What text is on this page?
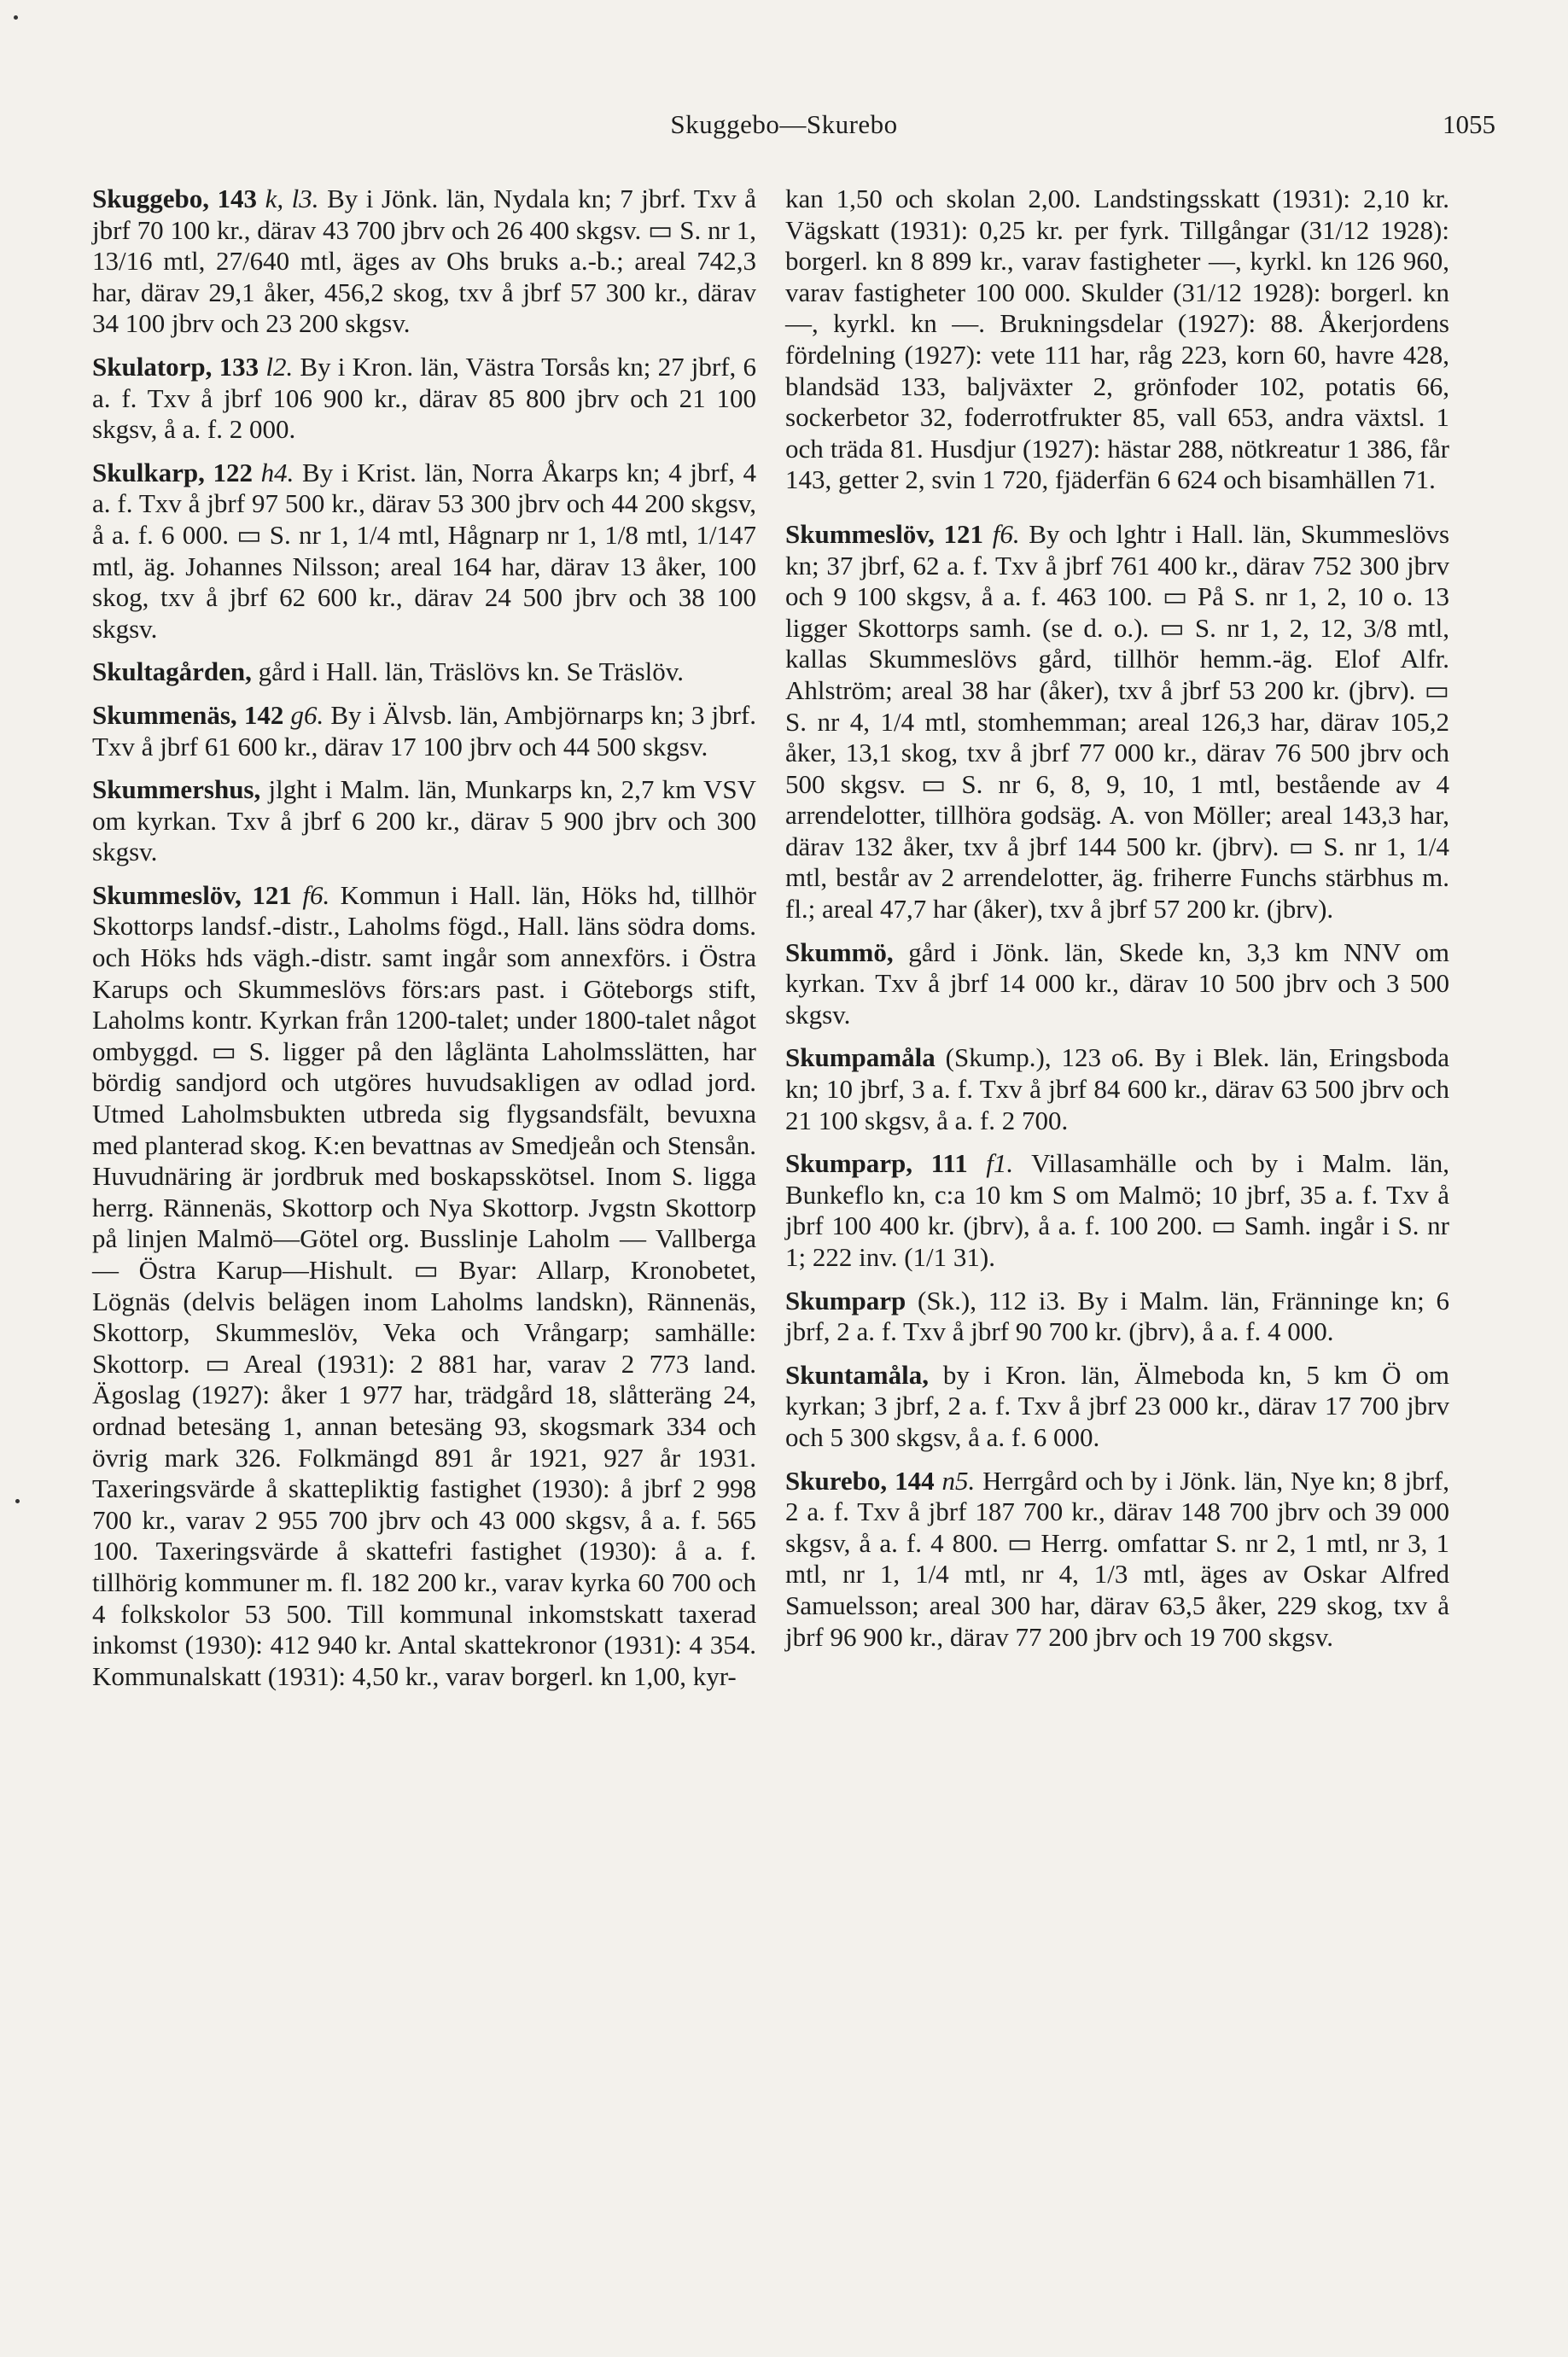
Skuggebo—Skurebo	1055

Skuggebo, 143 k, l3. By i Jönk. län, Nydala kn; 7 jbrf. Txv å jbrf 70 100 kr., därav 43 700 jbrv och 26 400 skgsv. ▭ S. nr 1, 13/16 mtl, 27/640 mtl, äges av Ohs bruks a.-b.; areal 742,3 har, därav 29,1 åker, 456,2 skog, txv å jbrf 57 300 kr., därav 34 100 jbrv och 23 200 skgsv.

Skulatorp, 133 l2. By i Kron. län, Västra Torsås kn; 27 jbrf, 6 a. f. Txv å jbrf 106 900 kr., därav 85 800 jbrv och 21 100 skgsv, å a. f. 2 000.

Skulkarp, 122 h4. By i Krist. län, Norra Åkarps kn; 4 jbrf, 4 a. f. Txv å jbrf 97 500 kr., därav 53 300 jbrv och 44 200 skgsv, å a. f. 6 000. ▭ S. nr 1, 1/4 mtl, Hågnarp nr 1, 1/8 mtl, 1/147 mtl, äg. Johannes Nilsson; areal 164 har, därav 13 åker, 100 skog, txv å jbrf 62 600 kr., därav 24 500 jbrv och 38 100 skgsv.

Skultagården, gård i Hall. län, Träslövs kn. Se Träslöv.

Skummenäs, 142 g6. By i Älvsb. län, Ambjörnarps kn; 3 jbrf. Txv å jbrf 61 600 kr., därav 17 100 jbrv och 44 500 skgsv.

Skummershus, jlght i Malm. län, Munkarps kn, 2,7 km VSV om kyrkan. Txv å jbrf 6 200 kr., därav 5 900 jbrv och 300 skgsv.

Skummeslöv, 121 f6. Kommun i Hall. län, Höks hd, tillhör Skottorps landsf.-distr., Laholms fögd., Hall. läns södra doms. och Höks hds vägh.-distr. samt ingår som annexförs. i Östra Karups och Skummeslövs förs:ars past. i Göteborgs stift, Laholms kontr. Kyrkan från 1200-talet; under 1800-talet något ombyggd. ▭ S. ligger på den låglänta Laholmsslätten, har bördig sandjord och utgöres huvudsakligen av odlad jord. Utmed Laholmsbukten utbreda sig flygsandsfält, bevuxna med planterad skog. K:en bevattnas av Smedjeån och Stensån. Huvudnäring är jordbruk med boskapsskötsel. Inom S. ligga herrg. Rännenäs, Skottorp och Nya Skottorp. Jvgstn Skottorp på linjen Malmö—Götel org. Busslinje Laholm — Vallberga — Östra Karup—Hishult. ▭ Byar: Allarp, Kronobetet, Lögnäs (delvis belägen inom Laholms landskn), Rännenäs, Skottorp, Skummeslöv, Veka och Vrångarp; samhälle: Skottorp. ▭ Areal (1931): 2 881 har, varav 2 773 land. Ägoslag (1927): åker 1 977 har, trädgård 18, slåtteräng 24, ordnad betesäng 1, annan betesäng 93, skogsmark 334 och övrig mark 326. Folkmängd 891 år 1921, 927 år 1931. Taxeringsvärde å skattepliktig fastighet (1930): å jbrf 2 998 700 kr., varav 2 955 700 jbrv och 43 000 skgsv, å a. f. 565 100. Taxeringsvärde å skattefri fastighet (1930): å a. f. tillhörig kommuner m. fl. 182 200 kr., varav kyrka 60 700 och 4 folkskolor 53 500. Till kommunal inkomstskatt taxerad inkomst (1930): 412 940 kr. Antal skattekronor (1931): 4 354. Kommunalskatt (1931): 4,50 kr., varav borgerl. kn 1,00, kyr-

kan 1,50 och skolan 2,00. Landstingsskatt (1931): 2,10 kr. Vägskatt (1931): 0,25 kr. per fyrk. Tillgångar (31/12 1928): borgerl. kn 8 899 kr., varav fastigheter —, kyrkl. kn 126 960, varav fastigheter 100 000. Skulder (31/12 1928): borgerl. kn —, kyrkl. kn —. Brukningsdelar (1927): 88. Åkerjordens fördelning (1927): vete 111 har, råg 223, korn 60, havre 428, blandsäd 133, baljväxter 2, grönfoder 102, potatis 66, sockerbetor 32, foderrotfrukter 85, vall 653, andra växtsl. 1 och träda 81. Husdjur (1927): hästar 288, nötkreatur 1 386, får 143, getter 2, svin 1 720, fjäderfän 6 624 och bisamhällen 71.

Skummeslöv, 121 f6. By och lghtr i Hall. län, Skummeslövs kn; 37 jbrf, 62 a. f. Txv å jbrf 761 400 kr., därav 752 300 jbrv och 9 100 skgsv, å a. f. 463 100. ▭ På S. nr 1, 2, 10 o. 13 ligger Skottorps samh. (se d. o.). ▭ S. nr 1, 2, 12, 3/8 mtl, kallas Skummeslövs gård, tillhör hemm.-äg. Elof Alfr. Ahlström; areal 38 har (åker), txv å jbrf 53 200 kr. (jbrv). ▭ S. nr 4, 1/4 mtl, stomhemman; areal 126,3 har, därav 105,2 åker, 13,1 skog, txv å jbrf 77 000 kr., därav 76 500 jbrv och 500 skgsv. ▭ S. nr 6, 8, 9, 10, 1 mtl, bestående av 4 arrendelotter, tillhöra godsäg. A. von Möller; areal 143,3 har, därav 132 åker, txv å jbrf 144 500 kr. (jbrv). ▭ S. nr 1, 1/4 mtl, består av 2 arrendelotter, äg. friherre Funchs stärbhus m. fl.; areal 47,7 har (åker), txv å jbrf 57 200 kr. (jbrv).

Skummö, gård i Jönk. län, Skede kn, 3,3 km NNV om kyrkan. Txv å jbrf 14 000 kr., därav 10 500 jbrv och 3 500 skgsv.

Skumpamåla (Skump.), 123 o6. By i Blek. län, Eringsboda kn; 10 jbrf, 3 a. f. Txv å jbrf 84 600 kr., därav 63 500 jbrv och 21 100 skgsv, å a. f. 2 700.

Skumparp, 111 f1. Villasamhälle och by i Malm. län, Bunkeflo kn, c:a 10 km S om Malmö; 10 jbrf, 35 a. f. Txv å jbrf 100 400 kr. (jbrv), å a. f. 100 200. ▭ Samh. ingår i S. nr 1; 222 inv. (1/1 31).

Skumparp (Sk.), 112 i3. By i Malm. län, Fränninge kn; 6 jbrf, 2 a. f. Txv å jbrf 90 700 kr. (jbrv), å a. f. 4 000.

Skuntamåla, by i Kron. län, Älmeboda kn, 5 km Ö om kyrkan; 3 jbrf, 2 a. f. Txv å jbrf 23 000 kr., därav 17 700 jbrv och 5 300 skgsv, å a. f. 6 000.

Skurebo, 144 n5. Herrgård och by i Jönk. län, Nye kn; 8 jbrf, 2 a. f. Txv å jbrf 187 700 kr., därav 148 700 jbrv och 39 000 skgsv, å a. f. 4 800. ▭ Herrg. omfattar S. nr 2, 1 mtl, nr 3, 1 mtl, nr 1, 1/4 mtl, nr 4, 1/3 mtl, äges av Oskar Alfred Samuelsson; areal 300 har, därav 63,5 åker, 229 skog, txv å jbrf 96 900 kr., därav 77 200 jbrv och 19 700 skgsv.
